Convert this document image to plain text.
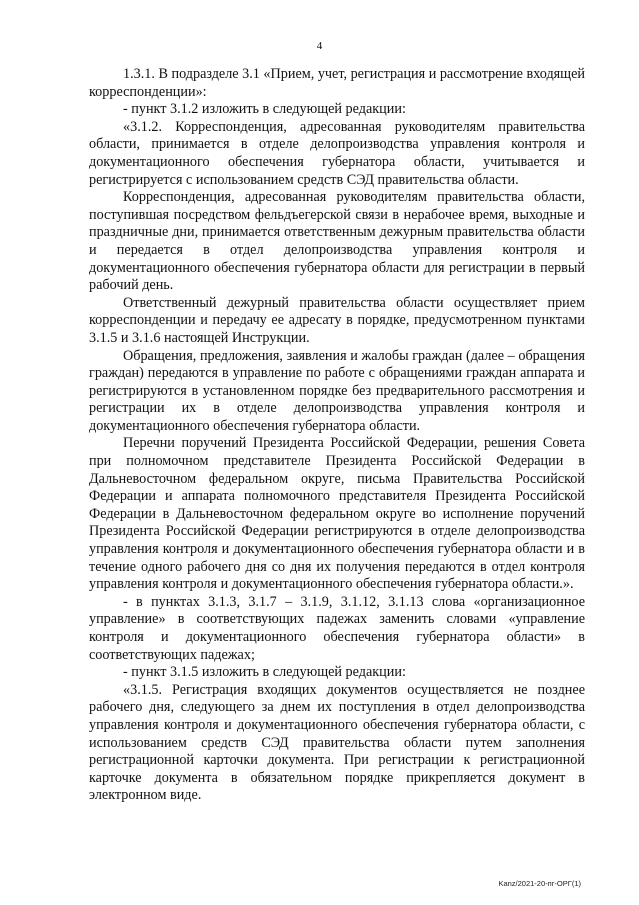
4

1.3.1. В подразделе 3.1 «Прием, учет, регистрация и рассмотрение входящей корреспонденции»:

- пункт 3.1.2 изложить в следующей редакции:

«3.1.2. Корреспонденция, адресованная руководителям правительства области, принимается в отделе делопроизводства управления контроля и документационного обеспечения губернатора области, учитывается и регистрируется с использованием средств СЭД правительства области.

Корреспонденция, адресованная руководителям правительства области, поступившая посредством фельдъегерской связи в нерабочее время, выходные и праздничные дни, принимается ответственным дежурным правительства области и передается в отдел делопроизводства управления контроля и документационного обеспечения губернатора области для регистрации в первый рабочий день.

Ответственный дежурный правительства области осуществляет прием корреспонденции и передачу ее адресату в порядке, предусмотренном пунктами 3.1.5 и 3.1.6 настоящей Инструкции.

Обращения, предложения, заявления и жалобы граждан (далее – обращения граждан) передаются в управление по работе с обращениями граждан аппарата и регистрируются в установленном порядке без предварительного рассмотрения и регистрации их в отделе делопроизводства управления контроля и документационного обеспечения губернатора области.

Перечни поручений Президента Российской Федерации, решения Совета при полномочном представителе Президента Российской Федерации в Дальневосточном федеральном округе, письма Правительства Российской Федерации и аппарата полномочного представителя Президента Российской Федерации в Дальневосточном федеральном округе во исполнение поручений Президента Российской Федерации регистрируются в отделе делопроизводства управления контроля и документационного обеспечения губернатора области и в течение одного рабочего дня со дня их получения передаются в отдел контроля управления контроля и документационного обеспечения губернатора области.».

- в пунктах 3.1.3, 3.1.7 – 3.1.9, 3.1.12, 3.1.13 слова «организационное управление» в соответствующих падежах заменить словами «управление контроля и документационного обеспечения губернатора области» в соответствующих падежах;

- пункт 3.1.5 изложить в следующей редакции:

«3.1.5. Регистрация входящих документов осуществляется не позднее рабочего дня, следующего за днем их поступления в отдел делопроизводства управления контроля и документационного обеспечения губернатора области, с использованием средств СЭД правительства области путем заполнения регистрационной карточки документа. При регистрации к регистрационной карточке документа в обязательном порядке прикрепляется документ в электронном виде.

Kanz/2021-20-пг-ОРГ(1)
